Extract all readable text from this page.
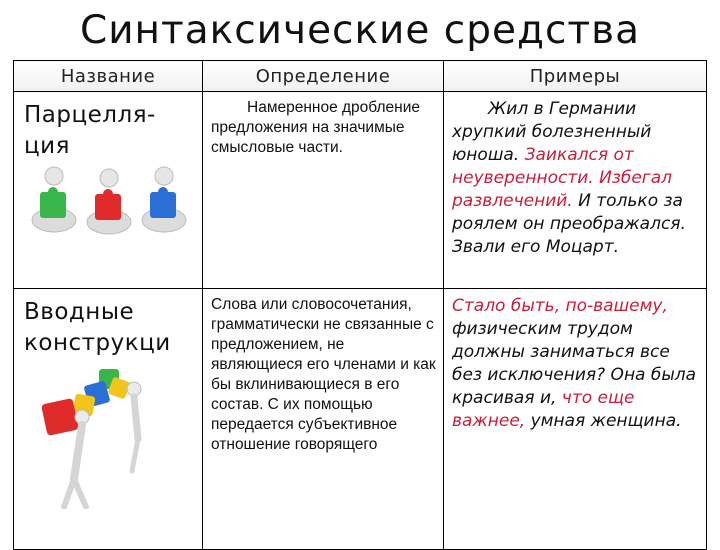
Синтаксические средства
Название	Определение	Примеры

Парцелля-ция	Намеренное дробление предложения на значимые смысловые части.	Жил в Германии хрупкий болезненный юноша. Заикался от неуверенности. Избегал развлечений. И только за роялем он преображался. Звали его Моцарт.

Вводные конструкци	Слова или словосочетания, грамматически не связанные с предложением, не являющиеся его членами и как бы вклинивающиеся в его состав. С их помощью передается субъективное отношение говорящего	Стало быть, по-вашему, физическим трудом должны заниматься все без исключения? Она была красивая и, что еще важнее, умная женщина.
